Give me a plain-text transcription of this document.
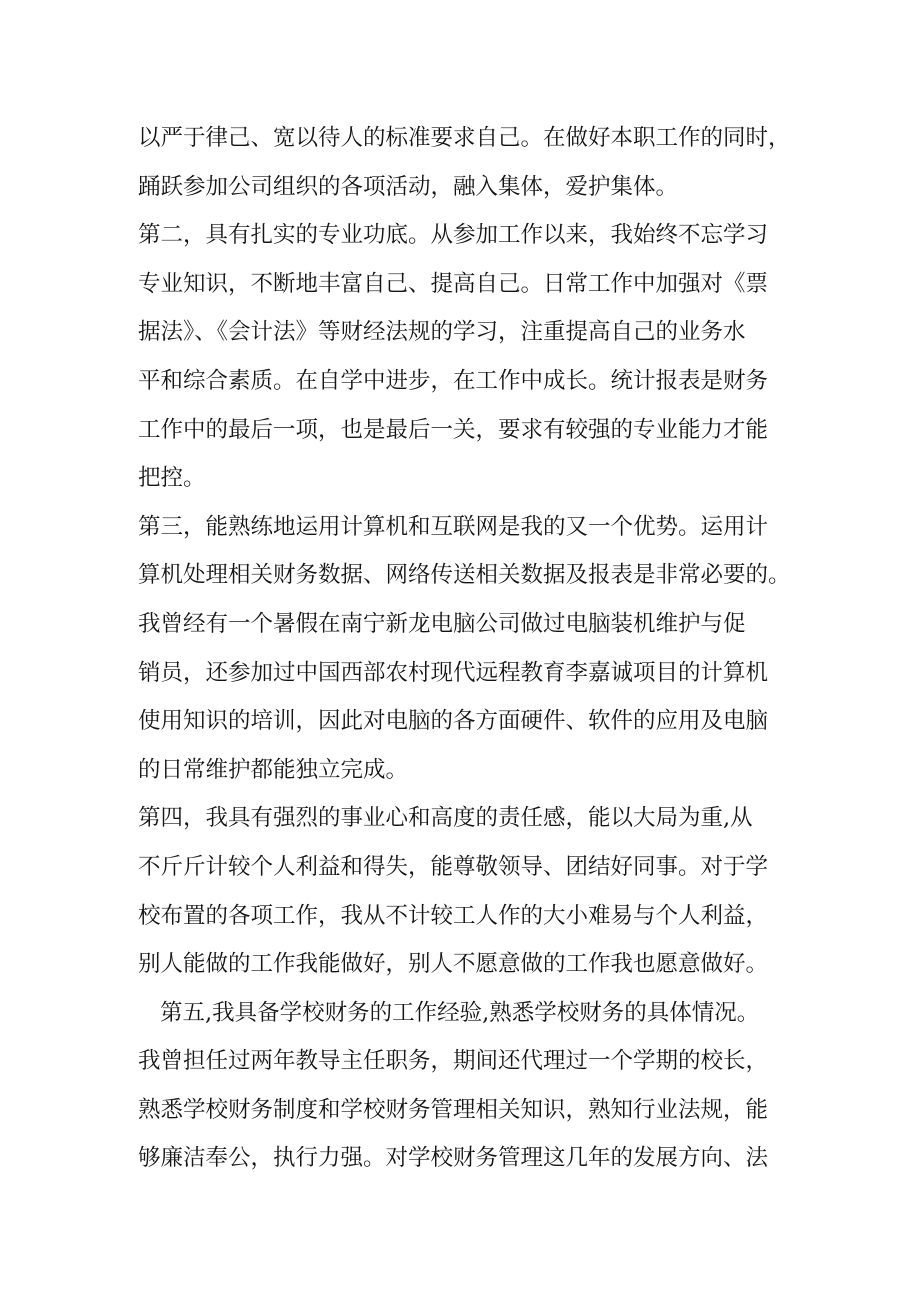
以严于律己、宽以待人的标准要求自己。在做好本职工作的同时，
踊跃参加公司组织的各项活动，融入集体，爱护集体。
第二，具有扎实的专业功底。从参加工作以来，我始终不忘学习
专业知识，不断地丰富自己、提高自己。日常工作中加强对《票
据法》、《会计法》等财经法规的学习，注重提高自己的业务水
平和综合素质。在自学中进步，在工作中成长。统计报表是财务
工作中的最后一项，也是最后一关，要求有较强的专业能力才能
把控。
第三，能熟练地运用计算机和互联网是我的又一个优势。运用计
算机处理相关财务数据、网络传送相关数据及报表是非常必要的。
我曾经有一个暑假在南宁新龙电脑公司做过电脑装机维护与促
销员，还参加过中国西部农村现代远程教育李嘉诚项目的计算机
使用知识的培训，因此对电脑的各方面硬件、软件的应用及电脑
的日常维护都能独立完成。
第四，我具有强烈的事业心和高度的责任感，能以大局为重,从
不斤斤计较个人利益和得失，能尊敬领导、团结好同事。对于学
校布置的各项工作，我从不计较工人作的大小难易与个人利益，
别人能做的工作我能做好，别人不愿意做的工作我也愿意做好。
第五,我具备学校财务的工作经验,熟悉学校财务的具体情况。
我曾担任过两年教导主任职务，期间还代理过一个学期的校长，
熟悉学校财务制度和学校财务管理相关知识，熟知行业法规，能
够廉洁奉公，执行力强。对学校财务管理这几年的发展方向、法
